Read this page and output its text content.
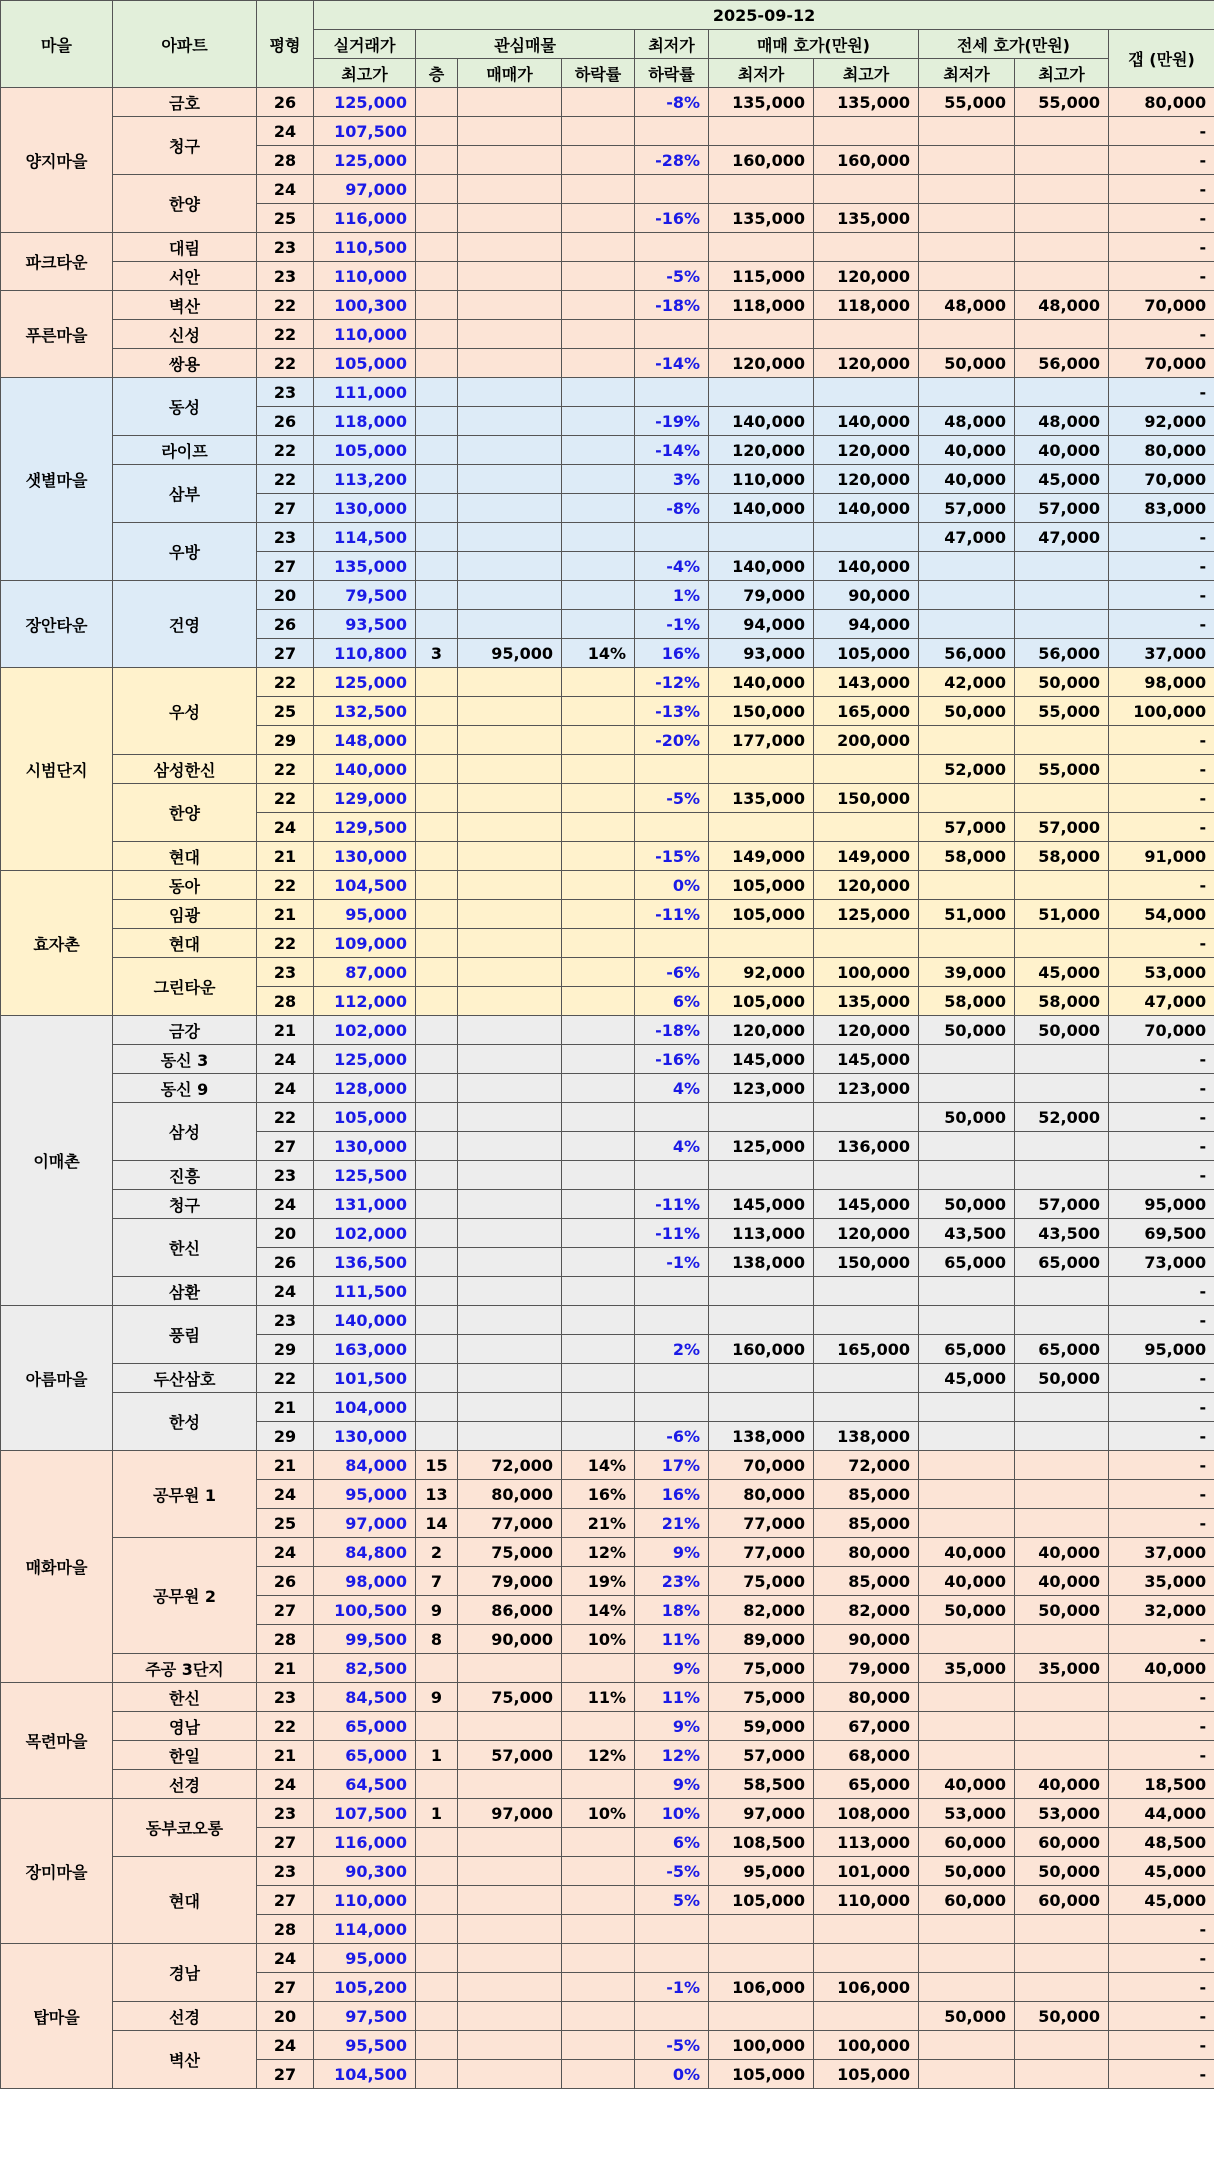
마을	아파트	평형	2025-09-12									
			실거래가	관심매물			최저가	매매 호가(만원)		전세 호가(만원)		갭 (만원)
			최고가	층	매매가	하락률	하락률	최저가	최고가	최저가	최고가	
양지마을	금호	26	125,000				-8%	135,000	135,000	55,000	55,000	80,000
	청구	24	107,500									-
		28	125,000				-28%	160,000	160,000			-
	한양	24	97,000									-
		25	116,000				-16%	135,000	135,000			-
파크타운	대림	23	110,500									-
	서안	23	110,000				-5%	115,000	120,000			-
푸른마을	벽산	22	100,300				-18%	118,000	118,000	48,000	48,000	70,000
	신성	22	110,000									-
	쌍용	22	105,000				-14%	120,000	120,000	50,000	56,000	70,000
샛별마을	동성	23	111,000									-
		26	118,000				-19%	140,000	140,000	48,000	48,000	92,000
	라이프	22	105,000				-14%	120,000	120,000	40,000	40,000	80,000
	삼부	22	113,200				3%	110,000	120,000	40,000	45,000	70,000
		27	130,000				-8%	140,000	140,000	57,000	57,000	83,000
	우방	23	114,500							47,000	47,000	-
		27	135,000				-4%	140,000	140,000			-
장안타운	건영	20	79,500				1%	79,000	90,000			-
		26	93,500				-1%	94,000	94,000			-
		27	110,800	3	95,000	14%	16%	93,000	105,000	56,000	56,000	37,000
시범단지	우성	22	125,000				-12%	140,000	143,000	42,000	50,000	98,000
		25	132,500				-13%	150,000	165,000	50,000	55,000	100,000
		29	148,000				-20%	177,000	200,000			-
	삼성한신	22	140,000							52,000	55,000	-
	한양	22	129,000				-5%	135,000	150,000			-
		24	129,500							57,000	57,000	-
	현대	21	130,000				-15%	149,000	149,000	58,000	58,000	91,000
효자촌	동아	22	104,500				0%	105,000	120,000			-
	임광	21	95,000				-11%	105,000	125,000	51,000	51,000	54,000
	현대	22	109,000									-
	그린타운	23	87,000				-6%	92,000	100,000	39,000	45,000	53,000
		28	112,000				6%	105,000	135,000	58,000	58,000	47,000
이매촌	금강	21	102,000				-18%	120,000	120,000	50,000	50,000	70,000
	동신 3	24	125,000				-16%	145,000	145,000			-
	동신 9	24	128,000				4%	123,000	123,000			-
	삼성	22	105,000							50,000	52,000	-
		27	130,000				4%	125,000	136,000			-
	진흥	23	125,500									-
	청구	24	131,000				-11%	145,000	145,000	50,000	57,000	95,000
	한신	20	102,000				-11%	113,000	120,000	43,500	43,500	69,500
		26	136,500				-1%	138,000	150,000	65,000	65,000	73,000
	삼환	24	111,500									-
아름마을	풍림	23	140,000									-
		29	163,000				2%	160,000	165,000	65,000	65,000	95,000
	두산삼호	22	101,500							45,000	50,000	-
	한성	21	104,000									-
		29	130,000				-6%	138,000	138,000			-
매화마을	공무원 1	21	84,000	15	72,000	14%	17%	70,000	72,000			-
		24	95,000	13	80,000	16%	16%	80,000	85,000			-
		25	97,000	14	77,000	21%	21%	77,000	85,000			-
	공무원 2	24	84,800	2	75,000	12%	9%	77,000	80,000	40,000	40,000	37,000
		26	98,000	7	79,000	19%	23%	75,000	85,000	40,000	40,000	35,000
		27	100,500	9	86,000	14%	18%	82,000	82,000	50,000	50,000	32,000
		28	99,500	8	90,000	10%	11%	89,000	90,000			-
	주공 3단지	21	82,500				9%	75,000	79,000	35,000	35,000	40,000
목련마을	한신	23	84,500	9	75,000	11%	11%	75,000	80,000			-
	영남	22	65,000				9%	59,000	67,000			-
	한일	21	65,000	1	57,000	12%	12%	57,000	68,000			-
	선경	24	64,500				9%	58,500	65,000	40,000	40,000	18,500
장미마을	동부코오롱	23	107,500	1	97,000	10%	10%	97,000	108,000	53,000	53,000	44,000
		27	116,000				6%	108,500	113,000	60,000	60,000	48,500
	현대	23	90,300				-5%	95,000	101,000	50,000	50,000	45,000
		27	110,000				5%	105,000	110,000	60,000	60,000	45,000
		28	114,000									-
탑마을	경남	24	95,000									-
		27	105,200				-1%	106,000	106,000			-
	선경	20	97,500							50,000	50,000	-
	벽산	24	95,500				-5%	100,000	100,000			-
		27	104,500				0%	105,000	105,000			-
